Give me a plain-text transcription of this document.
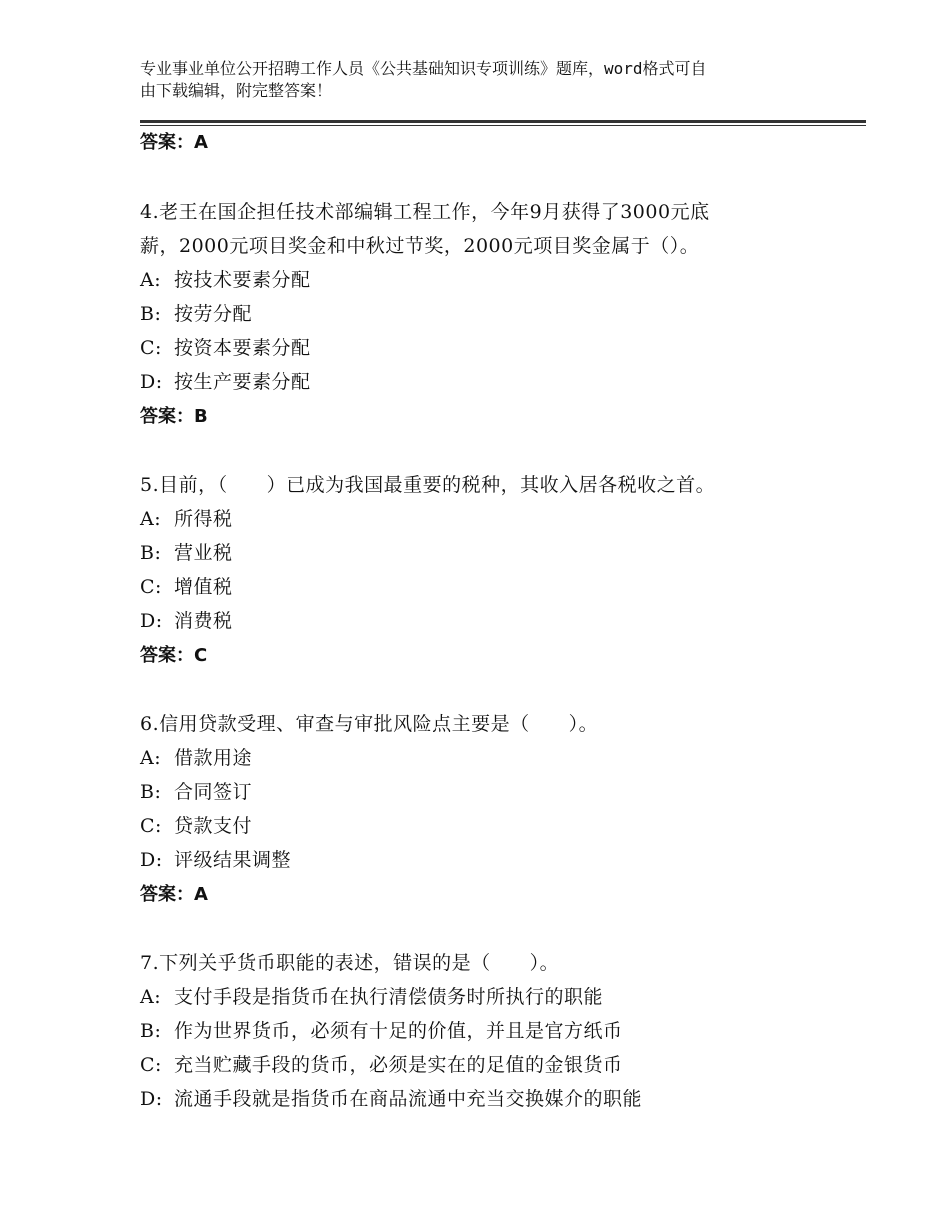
专业事业单位公开招聘工作人员《公共基础知识专项训练》题库，word格式可自
由下载编辑，附完整答案！
答案：A
4.老王在国企担任技术部编辑工程工作，今年9月获得了3000元底
薪，2000元项目奖金和中秋过节奖，2000元项目奖金属于（）。
A: 按技术要素分配
B: 按劳分配
C: 按资本要素分配
D: 按生产要素分配
答案：B
5.目前，（　　）已成为我国最重要的税种，其收入居各税收之首。
A: 所得税
B: 营业税
C: 增值税
D: 消费税
答案：C
6.信用贷款受理、审查与审批风险点主要是（　　）。
A: 借款用途
B: 合同签订
C: 贷款支付
D: 评级结果调整
答案：A
7.下列关乎货币职能的表述，错误的是（　　）。
A: 支付手段是指货币在执行清偿债务时所执行的职能
B: 作为世界货币，必须有十足的价值，并且是官方纸币
C: 充当贮藏手段的货币，必须是实在的足值的金银货币
D: 流通手段就是指货币在商品流通中充当交换媒介的职能
